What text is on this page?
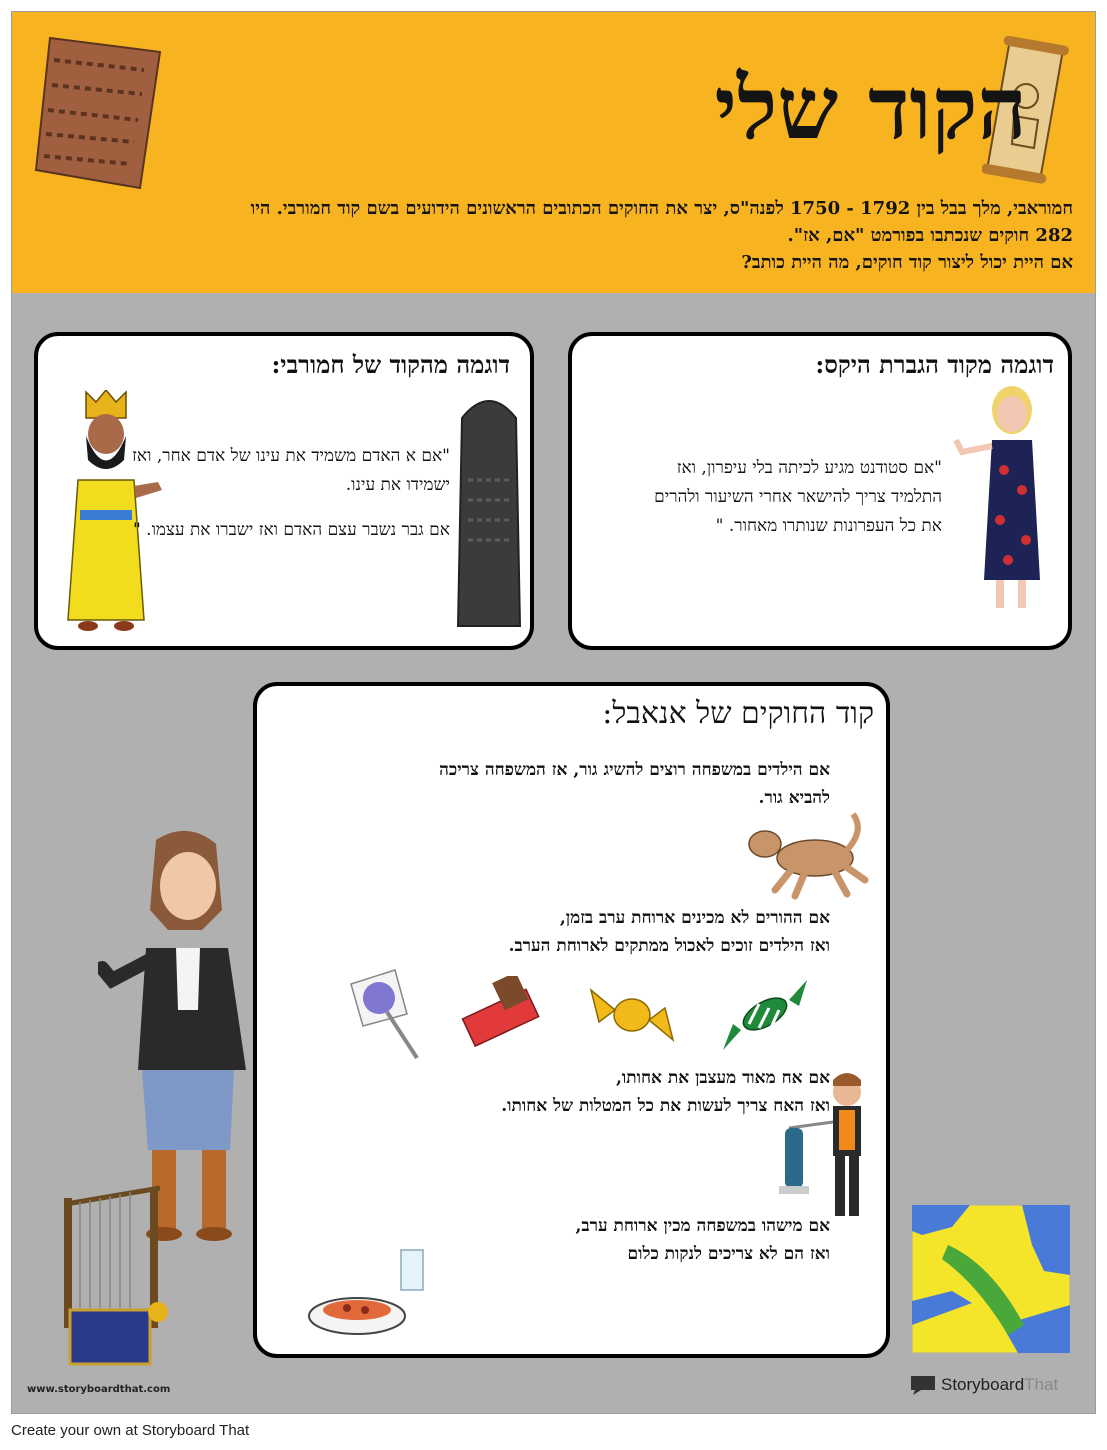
הקוד שלי

חמוראבי, מלך בבל בין 1792 - 1750 לפנה"ס, יצר את החוקים הכתובים הראשונים הידועים בשם קוד חמורבי. היו

282 חוקים שנכתבו בפורמט "אם, אז".

אם היית יכול ליצור קוד חוקים, מה היית כותב?

דוגמה מהקוד של חמורבי:

"אם א האדם משמיד את עינו של אדם אחר, ואז ישמידו את עינו.

אם גבר נשבר עצם האדם ואז ישברו את עצמו. "

דוגמה מקוד הגברת היקס:

"אם סטודנט מגיע לכיתה בלי עיפרון, ואז התלמיד צריך להישאר אחרי השיעור ולהרים את כל העפרונות שנותרו מאחור. "

קוד החוקים של אנאבל:

אם הילדים במשפחה רוצים להשיג גור, אז המשפחה צריכה
להביא גור.

אם ההורים לא מכינים ארוחת ערב בזמן,
ואז הילדים זוכים לאכול ממתקים לארוחת הערב.

אם אח מאוד מעצבן את אחותו,
ואז האח צריך לעשות את כל המטלות של אחותו.

אם מישהו במשפחה מכין ארוחת ערב,
ואז הם לא צריכים לנקות כלום

www.storyboardthat.com	Storyboard That
Create your own at Storyboard That
